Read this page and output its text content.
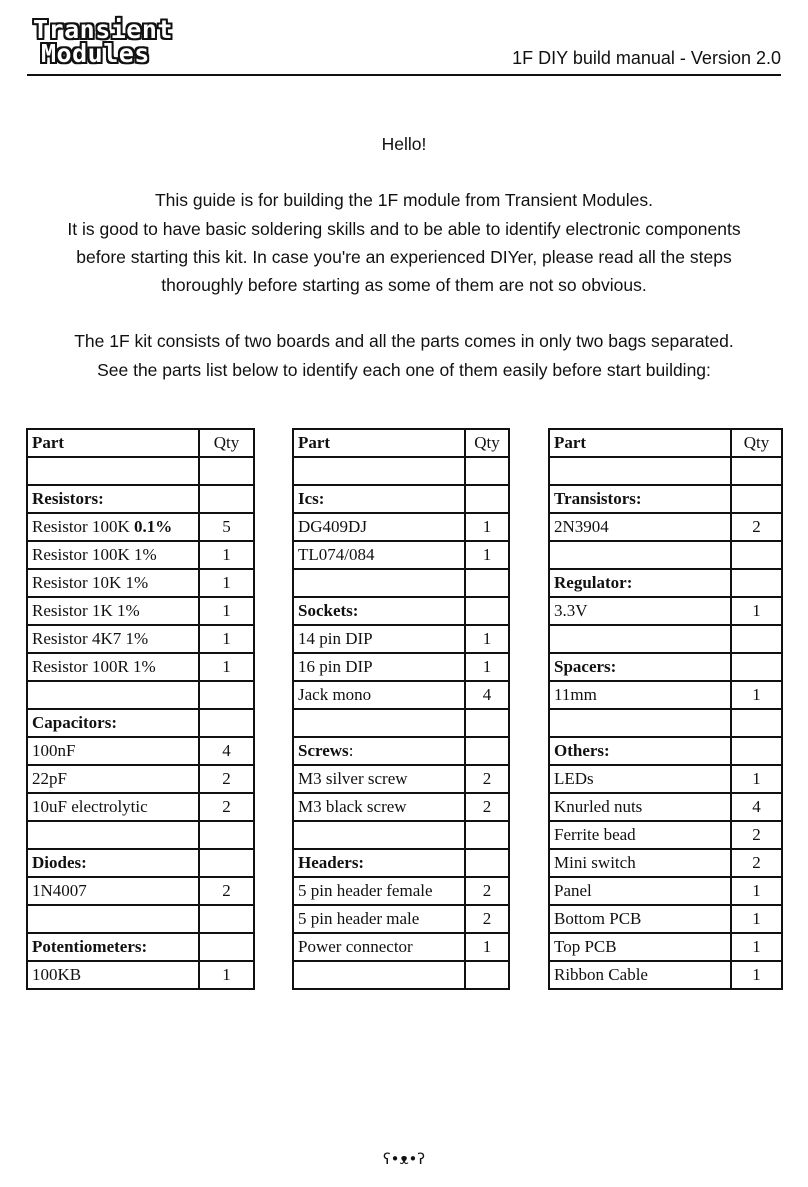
Transient
Modules	1F DIY build manual - Version 2.0

Hello!

This guide is for building the 1F module from Transient Modules.

It is good to have basic soldering skills and to be able to identify electronic components

before starting this kit. In case you're an experienced DIYer, please read all the steps

thoroughly before starting as some of them are not so obvious.

The 1F kit consists of two boards and all the parts comes in only two bags separated.

See the parts list below to identify each one of them easily before start building:

Part	Qty

Resistors:	
Resistor 100K 0.1%	5
Resistor 100K 1%	1
Resistor 10K 1%	1
Resistor 1K 1%	1
Resistor 4K7 1%	1
Resistor 100R 1%	1

Capacitors:	
100nF	4
22pF	2
10uF electrolytic	2

Diodes:	
1N4007	2

Potentiometers:	
100KB	1
Part	Qty

Ics:	
DG409DJ	1
TL074/084	1

Sockets:	
14 pin DIP	1
16 pin DIP	1
Jack mono	4

Screws:	
M3 silver screw	2
M3 black screw	2

Headers:	
5 pin header female	2
5 pin header male	2
Power connector	1

Part	Qty

Transistors:	
2N3904	2

Regulator:	
3.3V	1

Spacers:	
11mm	1

Others:	
LEDs	1
Knurled nuts	4
Ferrite bead	2
Mini switch	2
Panel	1
Bottom PCB	1
Top PCB	1
Ribbon Cable	1
ʕ•ᴥ•ʔ
